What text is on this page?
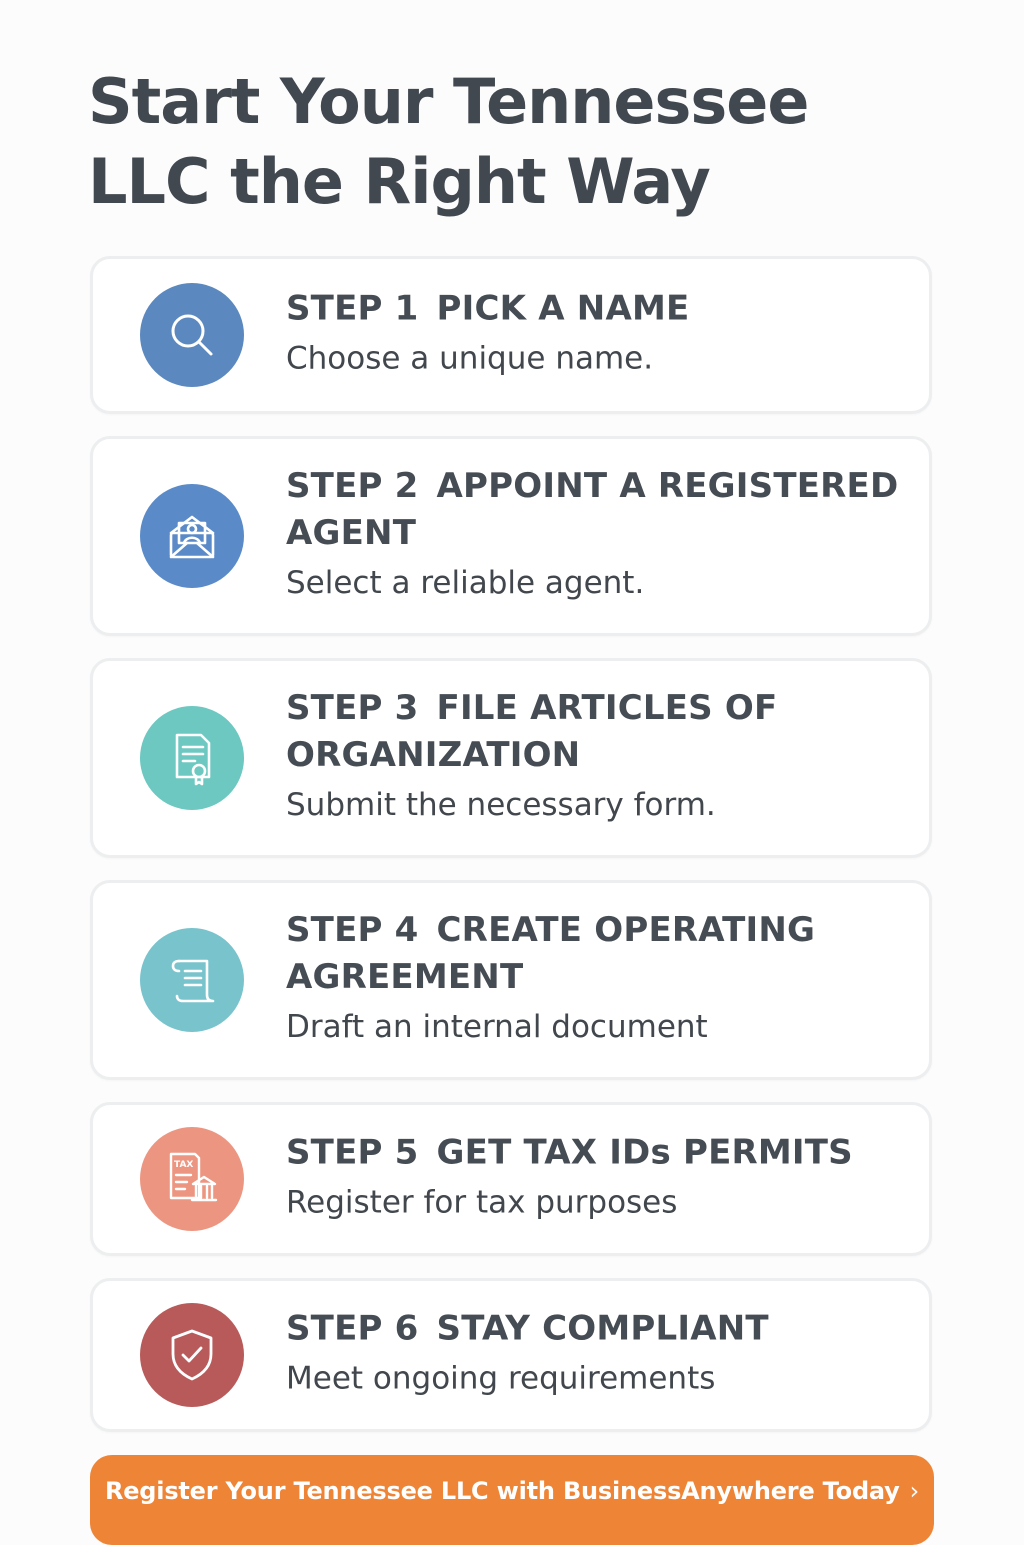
Start Your Tennessee LLC the Right Way
STEP 1 PICK A NAME
Choose a unique name.
STEP 2 APPOINT A REGISTERED AGENT
Select a reliable agent.
STEP 3 FILE ARTICLES OF ORGANIZATION
Submit the necessary form.
STEP 4 CREATE OPERATING AGREEMENT
Draft an internal document
TAX	STEP 5 GET TAX IDs PERMITS
Register for tax purposes
STEP 6 STAY COMPLIANT
Meet ongoing requirements
Register Your Tennessee LLC with BusinessAnywhere Today ›
